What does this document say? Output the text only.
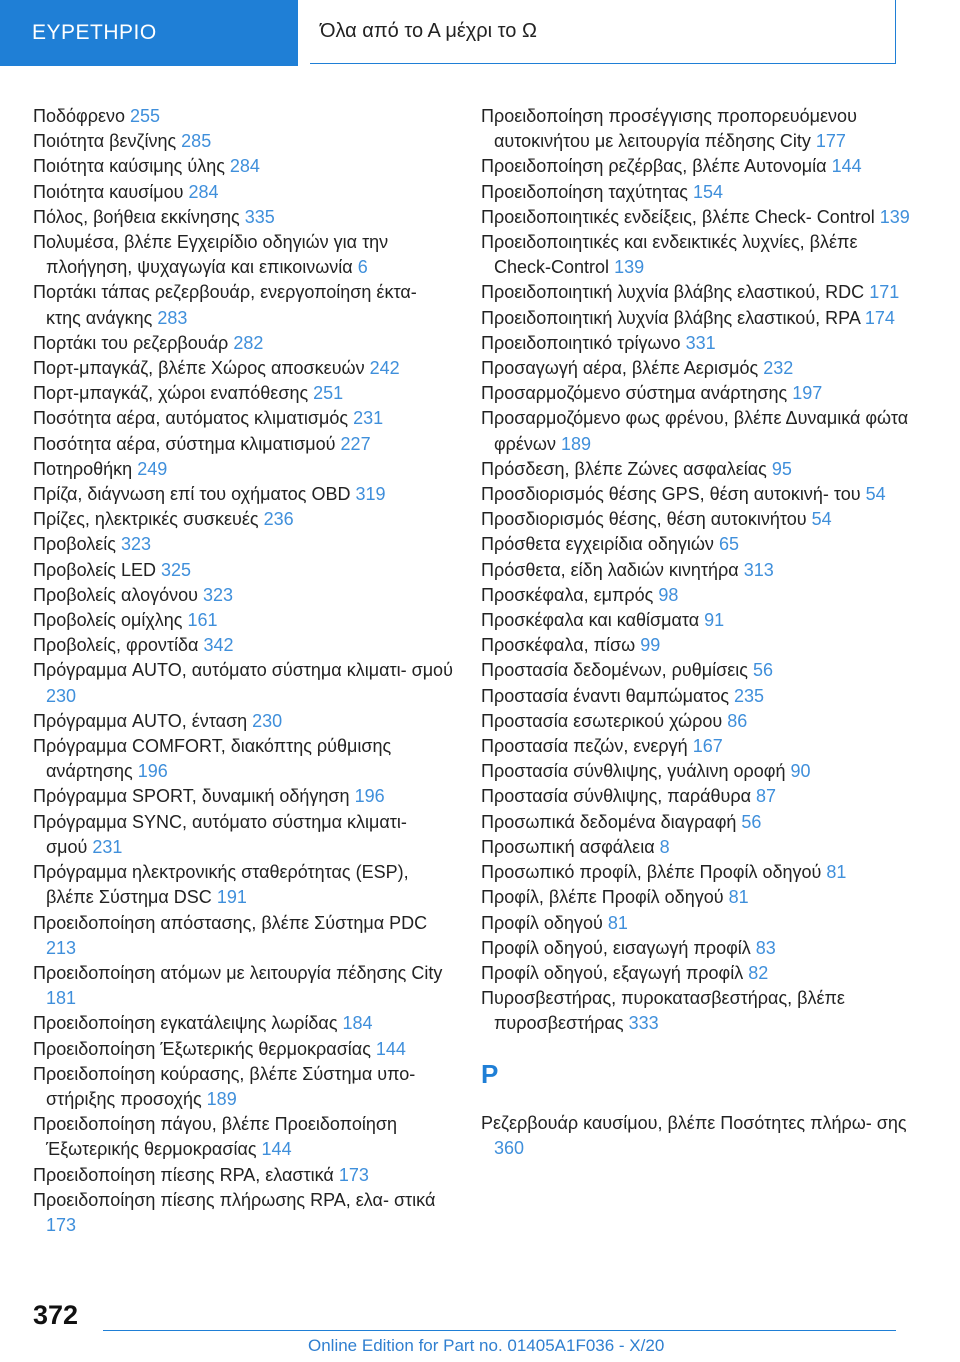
ΕΥΡΕΤΗΡΙΟ	Όλα από το Α μέχρι το Ω
Ποδόφρενο 255
Ποιότητα βενζίνης 285
Ποιότητα καύσιμης ύλης 284
Ποιότητα καυσίμου 284
Πόλος, βοήθεια εκκίνησης 335
Πολυμέσα, βλέπε Εγχειρίδιο οδηγιών για την πλοήγηση, ψυχαγωγία και επικοινωνία 6
Πορτάκι τάπας ρεζερβουάρ, ενεργοποίηση έκτα- κτης ανάγκης 283
Πορτάκι του ρεζερβουάρ 282
Πορτ-μπαγκάζ, βλέπε Χώρος αποσκευών 242
Πορτ-μπαγκάζ, χώροι εναπόθεσης 251
Ποσότητα αέρα, αυτόματος κλιματισμός 231
Ποσότητα αέρα, σύστημα κλιματισμού 227
Ποτηροθήκη 249
Πρίζα, διάγνωση επί του οχήματος OBD 319
Πρίζες, ηλεκτρικές συσκευές 236
Προβολείς 323
Προβολείς LED 325
Προβολείς αλογόνου 323
Προβολείς ομίχλης 161
Προβολείς, φροντίδα 342
Πρόγραμμα AUTO, αυτόματο σύστημα κλιματι- σμού 230
Πρόγραμμα AUTO, ένταση 230
Πρόγραμμα COMFORT, διακόπτης ρύθμισης ανάρτησης 196
Πρόγραμμα SPORT, δυναμική οδήγηση 196
Πρόγραμμα SYNC, αυτόματο σύστημα κλιματι- σμού 231
Πρόγραμμα ηλεκτρονικής σταθερότητας (ESP), βλέπε Σύστημα DSC 191
Προειδοποίηση απόστασης, βλέπε Σύστημα PDC 213
Προειδοποίηση ατόμων με λειτουργία πέδησης City 181
Προειδοποίηση εγκατάλειψης λωρίδας 184
Προειδοποίηση Έξωτερικής θερμοκρασίας 144
Προειδοποίηση κούρασης, βλέπε Σύστημα υπο- στήριξης προσοχής 189
Προειδοποίηση πάγου, βλέπε Προειδοποίηση Έξωτερικής θερμοκρασίας 144
Προειδοποίηση πίεσης RPA, ελαστικά 173
Προειδοποίηση πίεσης πλήρωσης RPA, ελα- στικά 173
Προειδοποίηση προσέγγισης προπορευόμενου αυτοκινήτου με λειτουργία πέδησης City 177
Προειδοποίηση ρεζέρβας, βλέπε Αυτονομία 144
Προειδοποίηση ταχύτητας 154
Προειδοποιητικές ενδείξεις, βλέπε Check- Control 139
Προειδοποιητικές και ενδεικτικές λυχνίες, βλέπε Check-Control 139
Προειδοποιητική λυχνία βλάβης ελαστικού, RDC 171
Προειδοποιητική λυχνία βλάβης ελαστικού, RPA 174
Προειδοποιητικό τρίγωνο 331
Προσαγωγή αέρα, βλέπε Αερισμός 232
Προσαρμοζόμενο σύστημα ανάρτησης 197
Προσαρμοζόμενο φως φρένου, βλέπε Δυναμικά φώτα φρένων 189
Πρόσδεση, βλέπε Ζώνες ασφαλείας 95
Προσδιορισμός θέσης GPS, θέση αυτοκινή- του 54
Προσδιορισμός θέσης, θέση αυτοκινήτου 54
Πρόσθετα εγχειρίδια οδηγιών 65
Πρόσθετα, είδη λαδιών κινητήρα 313
Προσκέφαλα, εμπρός 98
Προσκέφαλα και καθίσματα 91
Προσκέφαλα, πίσω 99
Προστασία δεδομένων, ρυθμίσεις 56
Προστασία έναντι θαμπώματος 235
Προστασία εσωτερικού χώρου 86
Προστασία πεζών, ενεργή 167
Προστασία σύνθλιψης, γυάλινη οροφή 90
Προστασία σύνθλιψης, παράθυρα 87
Προσωπικά δεδομένα διαγραφή 56
Προσωπική ασφάλεια 8
Προσωπικό προφίλ, βλέπε Προφίλ οδηγού 81
Προφίλ, βλέπε Προφίλ οδηγού 81
Προφίλ οδηγού 81
Προφίλ οδηγού, εισαγωγή προφίλ 83
Προφίλ οδηγού, εξαγωγή προφίλ 82
Πυροσβεστήρας, πυροκατασβεστήρας, βλέπε πυροσβεστήρας 333
Ρ
Ρεζερβουάρ καυσίμου, βλέπε Ποσότητες πλήρω- σης 360
372
Online Edition for Part no. 01405A1F036 - X/20
